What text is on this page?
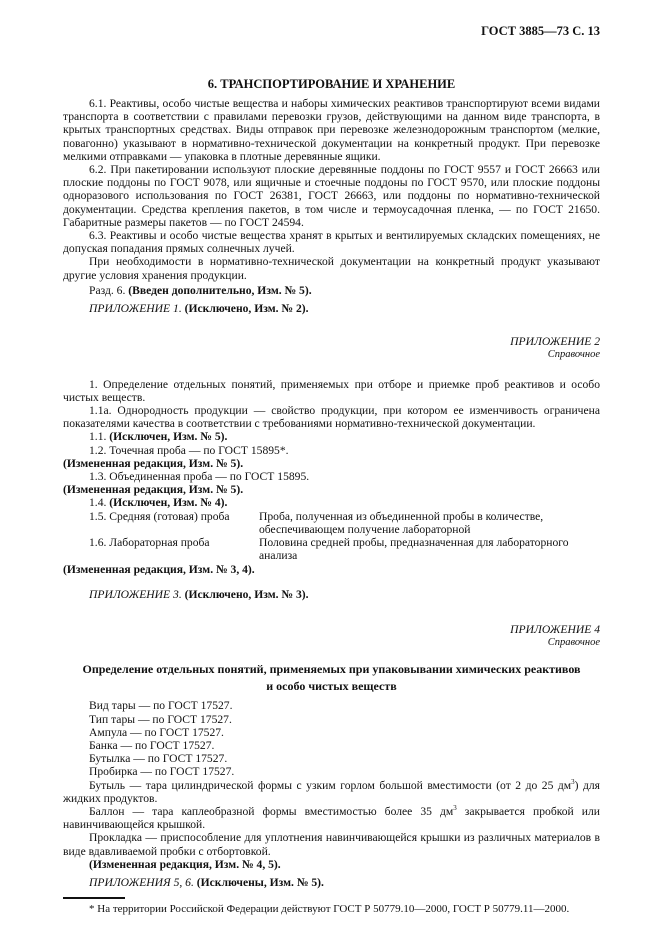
ГОСТ 3885—73 С. 13
6. ТРАНСПОРТИРОВАНИЕ И ХРАНЕНИЕ
6.1. Реактивы, особо чистые вещества и наборы химических реактивов транспортируют всеми видами транспорта в соответствии с правилами перевозки грузов, действующими на данном виде транспорта, в крытых транспортных средствах. Виды отправок при перевозке железнодорожным транспортом (мелкие, повагонно) указывают в нормативно-технической документации на конкретный продукт. При перевозке мелкими отправками — упаковка в плотные деревянные ящики.
6.2. При пакетировании используют плоские деревянные поддоны по ГОСТ 9557 и ГОСТ 26663 или плоские поддоны по ГОСТ 9078, или ящичные и стоечные поддоны по ГОСТ 9570, или плоские поддоны одноразового использования по ГОСТ 26381, ГОСТ 26663, или поддоны по нормативно-технической документации. Средства крепления пакетов, в том числе и термоусадочная пленка, — по ГОСТ 21650. Габаритные размеры пакетов — по ГОСТ 24594.
6.3. Реактивы и особо чистые вещества хранят в крытых и вентилируемых складских помещениях, не допуская попадания прямых солнечных лучей.
При необходимости в нормативно-технической документации на конкретный продукт указывают другие условия хранения продукции.
Разд. 6. (Введен дополнительно, Изм. № 5).
ПРИЛОЖЕНИЕ 1. (Исключено, Изм. № 2).
ПРИЛОЖЕНИЕ 2
Справочное
1. Определение отдельных понятий, применяемых при отборе и приемке проб реактивов и особо чистых веществ.
1.1а. Однородность продукции — свойство продукции, при котором ее изменчивость ограничена показателями качества в соответствии с требованиями нормативно-технической документации.
1.1. (Исключен, Изм. № 5).
1.2. Точечная проба — по ГОСТ 15895*.
(Измененная редакция, Изм. № 5).
1.3. Объединенная проба — по ГОСТ 15895.
(Измененная редакция, Изм. № 5).
1.4. (Исключен, Изм. № 4).
1.5. Средняя (готовая) проба	Проба, полученная из объединенной пробы в количестве, обеспечивающем получение лабораторной
1.6. Лабораторная проба	Половина средней пробы, предназначенная для лабораторного анализа
(Измененная редакция, Изм. № 3, 4).
ПРИЛОЖЕНИЕ 3. (Исключено, Изм. № 3).
ПРИЛОЖЕНИЕ 4
Справочное
Определение отдельных понятий, применяемых при упаковывании химических реактивов
и особо чистых веществ
Вид тары — по ГОСТ 17527.
Тип тары — по ГОСТ 17527.
Ампула — по ГОСТ 17527.
Банка — по ГОСТ 17527.
Бутылка — по ГОСТ 17527.
Пробирка — по ГОСТ 17527.
Бутыль — тара цилиндрической формы с узким горлом большой вместимости (от 2 до 25 $дм^3$) для жидких продуктов.
Баллон — тара каплеобразной формы вместимостью более 35 $дм^3$ закрывается пробкой или навинчивающейся крышкой.
Прокладка — приспособление для уплотнения навинчивающейся крышки из различных материалов в виде вдавливаемой пробки с отбортовкой.
(Измененная редакция, Изм. № 4, 5).
ПРИЛОЖЕНИЯ 5, 6. (Исключены, Изм. № 5).
* На территории Российской Федерации действуют ГОСТ Р 50779.10—2000, ГОСТ Р 50779.11—2000.
